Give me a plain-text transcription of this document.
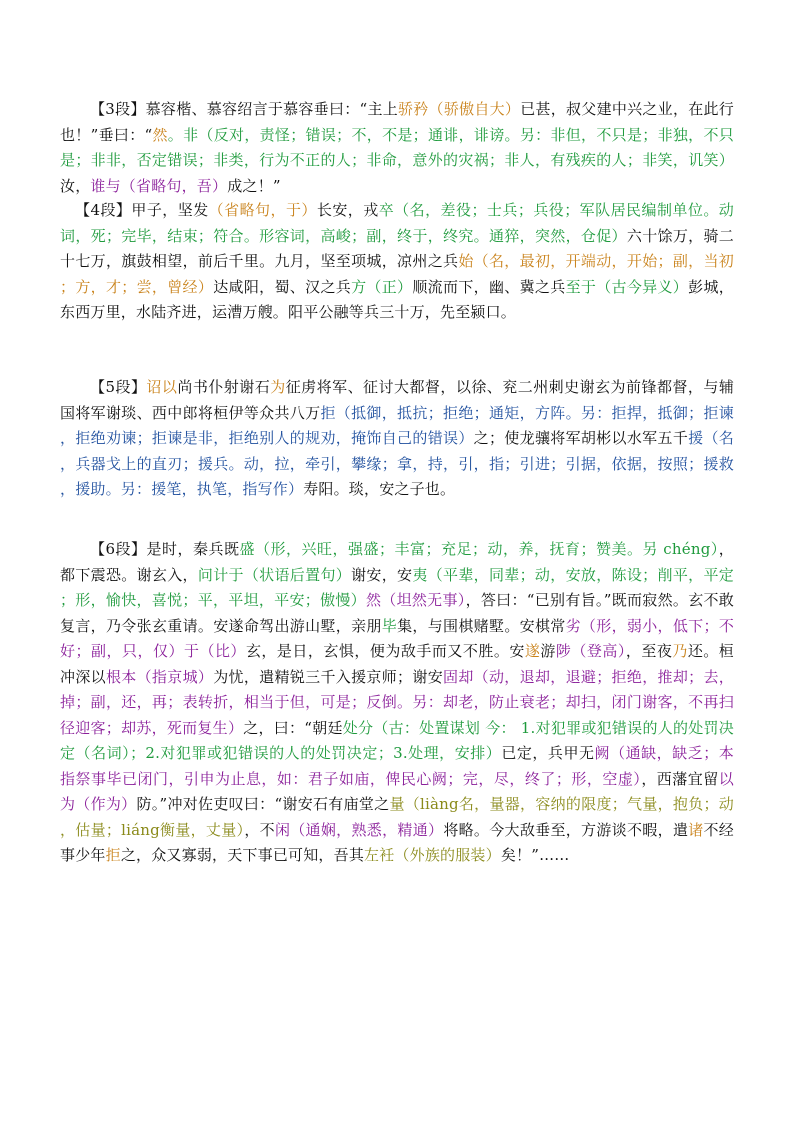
【3段】慕容楷、慕容绍言于慕容垂曰：“主上骄矜（骄傲自大）已甚，叔父建中兴之业，在此行也！”垂曰：“然。非（反对，责怪；错误；不，不是；通诽，诽谤。另：非但，不只是；非独，不只是；非非，否定错误；非类，行为不正的人；非命，意外的灾祸；非人，有残疾的人；非笑，讥笑）汝，谁与（省略句，吾）成之！”

【4段】甲子，坚发（省略句，于）长安，戎卒（名，差役；士兵；兵役；军队居民编制单位。动词，死；完毕，结束；符合。形容词，高峻；副，终于，终究。通猝，突然，仓促）六十馀万，骑二十七万，旗鼓相望，前后千里。九月，坚至项城，凉州之兵始（名，最初，开端动，开始；副，当初；方，才；尝，曾经）达咸阳，蜀、汉之兵方（正）顺流而下，幽、冀之兵至于（古今异义）彭城，东西万里，水陆齐进，运漕万艘。阳平公融等兵三十万，先至颍口。

【5段】诏以尚书仆射谢石为征虏将军、征讨大都督，以徐、兖二州刺史谢玄为前锋都督，与辅国将军谢琰、西中郎将桓伊等众共八万拒（抵御，抵抗；拒绝；通矩，方阵。另：拒捍，抵御；拒谏，拒绝劝谏；拒谏是非，拒绝别人的规劝，掩饰自己的错误）之；使龙骧将军胡彬以水军五千援（名，兵器戈上的直刃；援兵。动，拉，牵引，攀缘；拿，持，引，指；引进；引据，依据，按照；援救，援助。另：援笔，执笔，指写作）寿阳。琰，安之子也。

【6段】是时，秦兵既盛（形，兴旺，强盛；丰富；充足；动，养，抚育；赞美。另 chéng），都下震恐。谢玄入，问计于（状语后置句）谢安，安夷（平辈，同辈；动，安放，陈设；削平，平定；形，愉快，喜悦；平，平坦，平安；傲慢）然（坦然无事），答曰：“已别有旨。”既而寂然。玄不敢复言，乃令张玄重请。安遂命驾出游山墅，亲朋毕集，与围棋赌墅。安棋常劣（形，弱小，低下；不好；副，只，仅）于（比）玄，是日，玄惧，便为敌手而又不胜。安遂游陟（登高），至夜乃还。桓冲深以根本（指京城）为忧，遣精锐三千入援京师；谢安固却（动，退却，退避；拒绝，推却；去，掉；副，还，再；表转折，相当于但，可是；反倒。另：却老，防止衰老；却扫，闭门谢客，不再扫径迎客；却苏，死而复生）之，曰：“朝廷处分（古：处置谋划 今： 1.对犯罪或犯错误的人的处罚决定（名词）；2.对犯罪或犯错误的人的处罚决定；3.处理，安排）已定，兵甲无阙（通缺，缺乏；本指祭事毕已闭门，引申为止息，如：君子如庙，俾民心阙；完，尽，终了；形，空虚），西藩宜留以为（作为）防。”冲对佐吏叹曰：“谢安石有庙堂之量（liàng名，量器，容纳的限度；气量，抱负；动，估量；liáng衡量，丈量），不闲（通娴，熟悉，精通）将略。今大敌垂至，方游谈不暇，遣诸不经事少年拒之，众又寡弱，天下事已可知，吾其左衽（外族的服装）矣！”……
